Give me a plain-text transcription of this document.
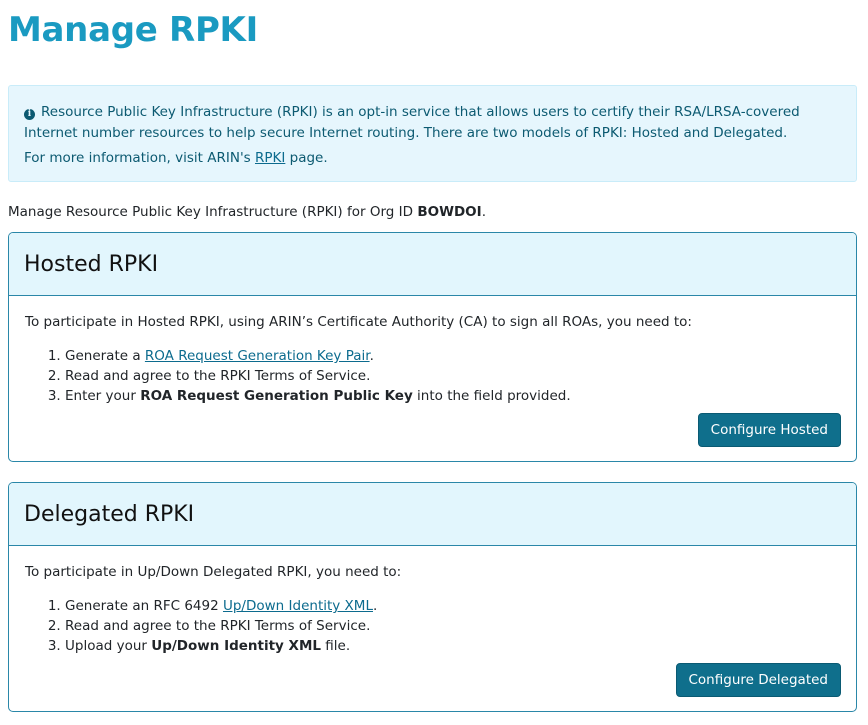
Manage RPKI

i Resource Public Key Infrastructure (RPKI) is an opt-in service that allows users to certify their RSA/LRSA-covered Internet number resources to help secure Internet routing. There are two models of RPKI: Hosted and Delegated.

For more information, visit ARIN's RPKI page.

Manage Resource Public Key Infrastructure (RPKI) for Org ID BOWDOI.
Hosted RPKI

To participate in Hosted RPKI, using ARIN’s Certificate Authority (CA) to sign all ROAs, you need to:

1. Generate a ROA Request Generation Key Pair.
2. Read and agree to the RPKI Terms of Service.
3. Enter your ROA Request Generation Public Key into the field provided.
Configure Hosted
Delegated RPKI

To participate in Up/Down Delegated RPKI, you need to:

1. Generate an RFC 6492 Up/Down Identity XML.
2. Read and agree to the RPKI Terms of Service.
3. Upload your Up/Down Identity XML file.
Configure Delegated
